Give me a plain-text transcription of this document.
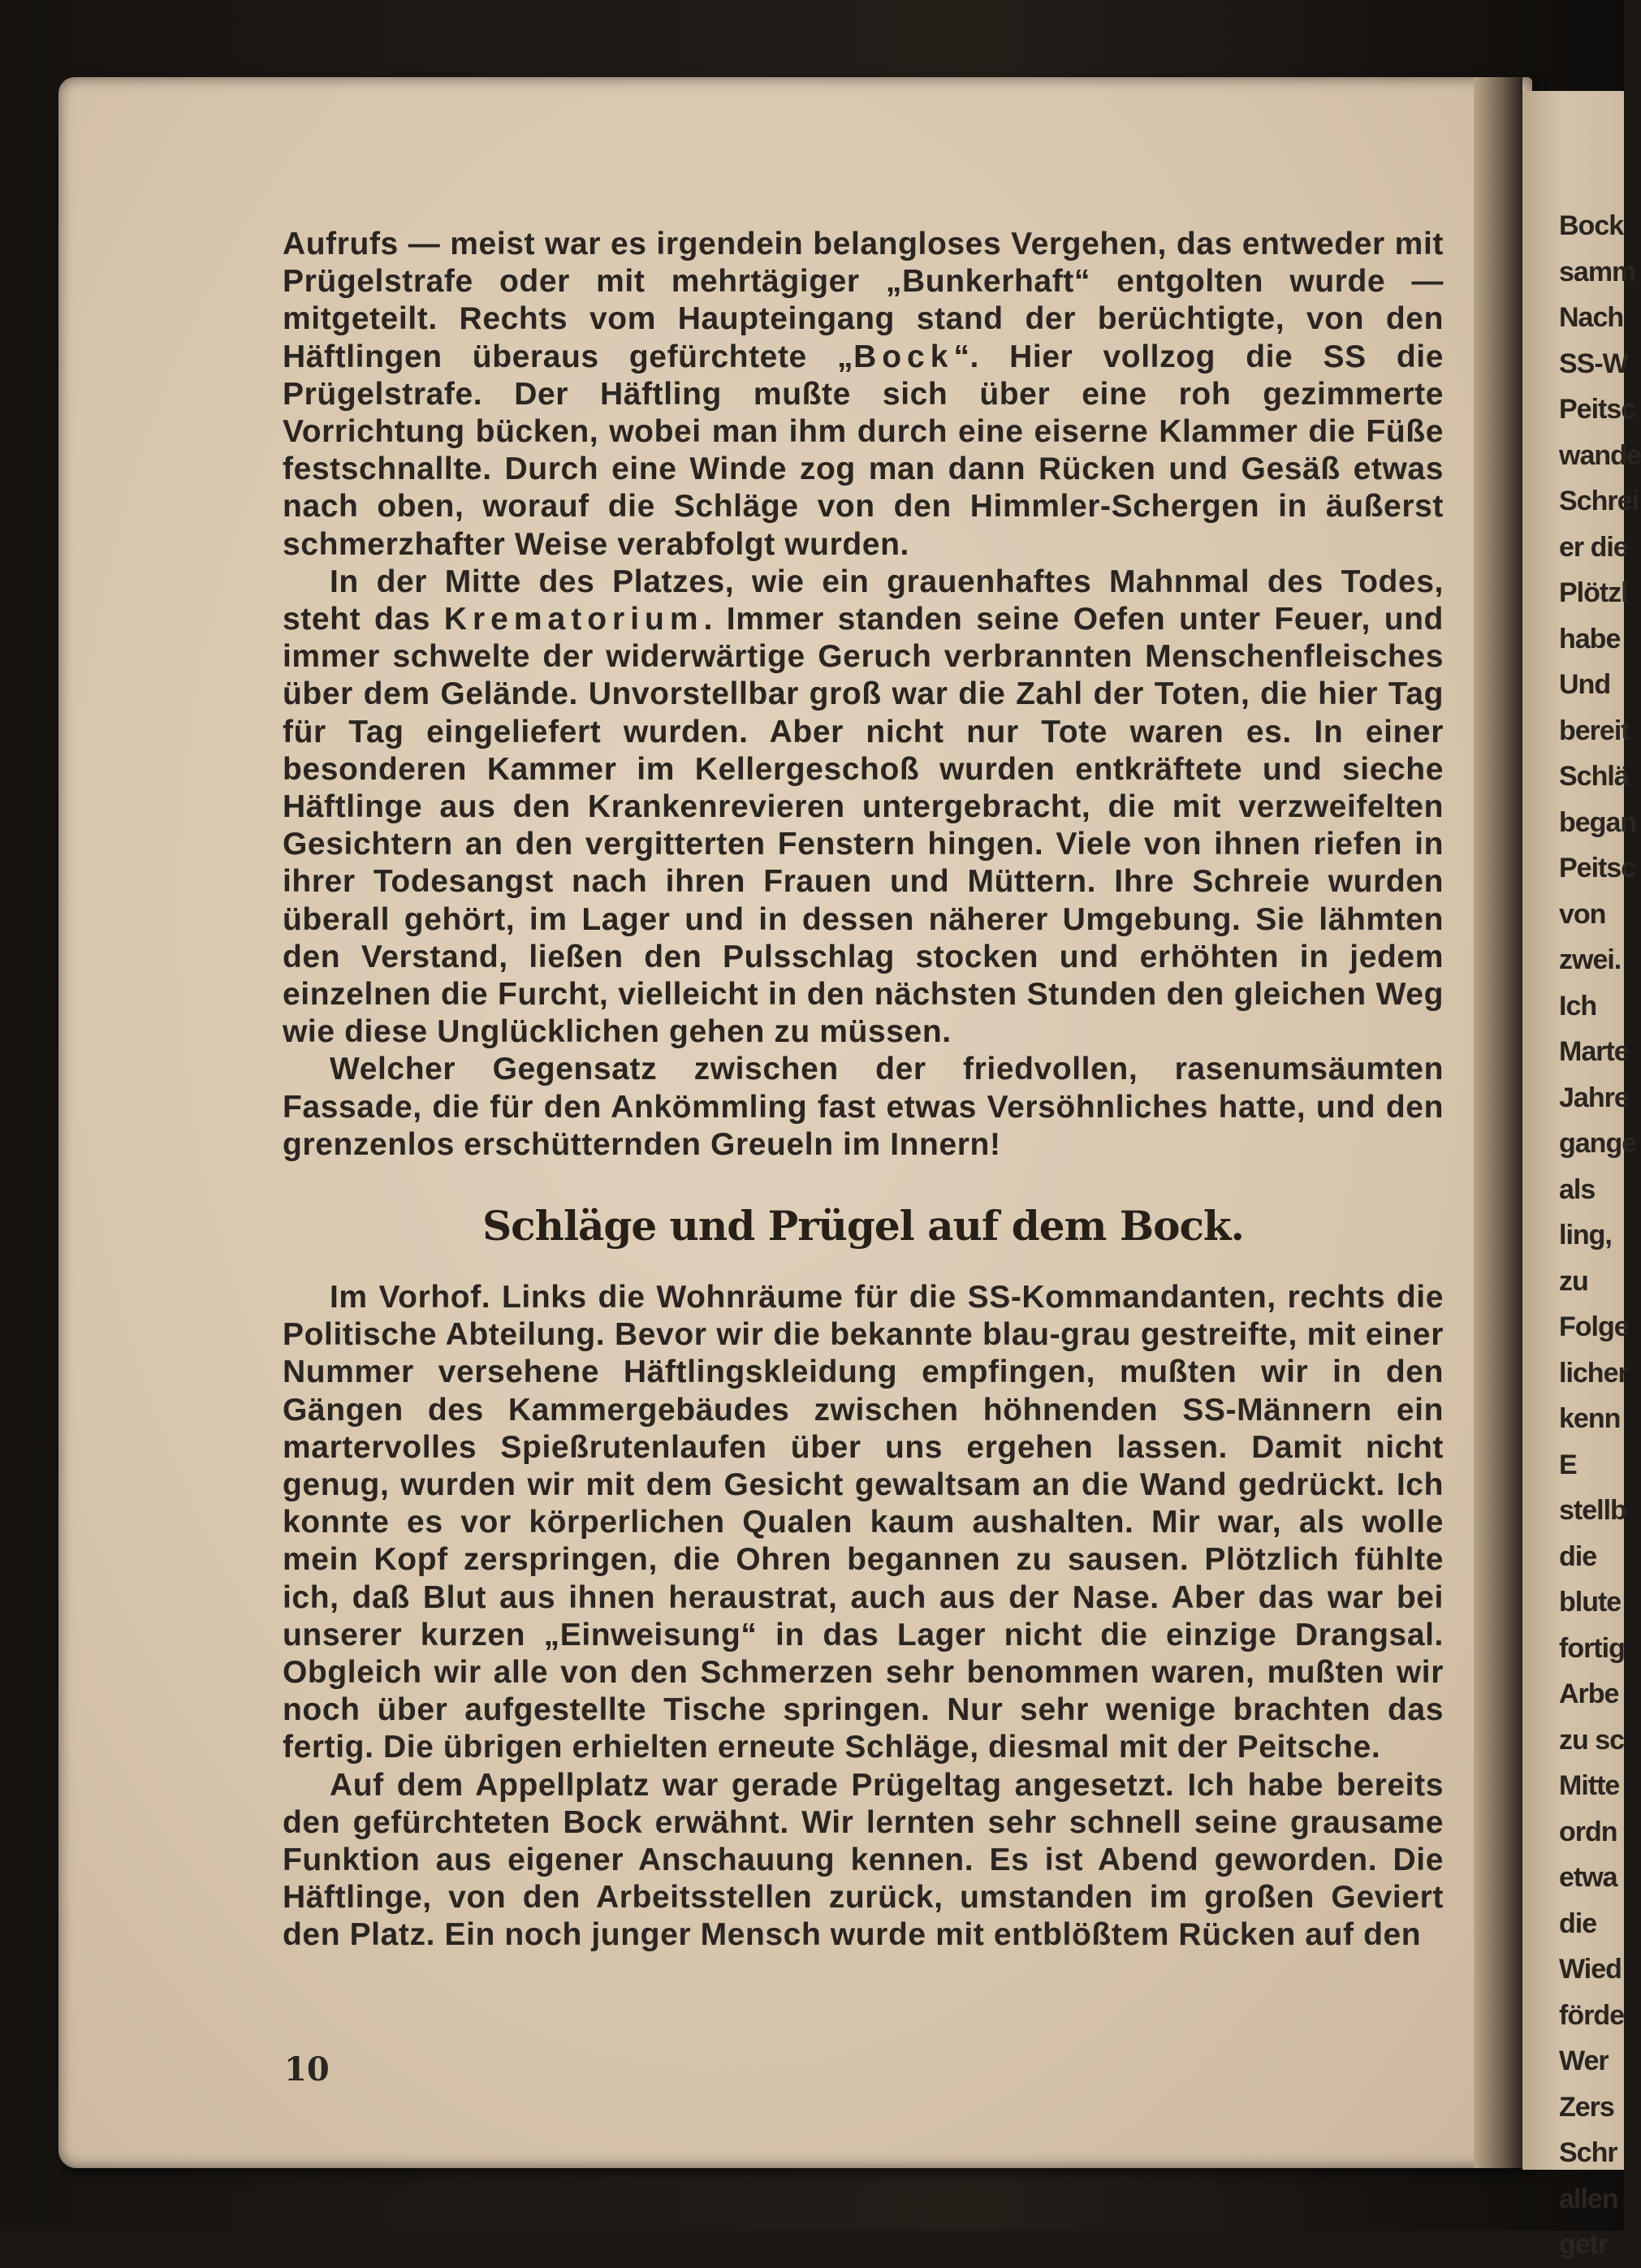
Bock
samm
Nach
SS-W
Peitsc
wande
Schrei
er die
Plötzl
habe
Und
bereit
Schlä
began
Peitsc
von
zwei.
Ich
Marte
Jahre
gange
als
ling,
zu
Folge
licher
kenn
E
stellb
die
blute
fortig
Arbe
zu sc
Mitte
ordn
etwa
die
Wied
förde
Wer
Zers
Schr
allen
getr

Aufrufs — meist war es irgendein belangloses Vergehen, das entweder mit Prügelstrafe oder mit mehrtägiger „Bunkerhaft“ entgolten wurde — mitgeteilt. Rechts vom Haupteingang stand der berüchtigte, von den Häftlingen überaus gefürchtete „Bock“. Hier vollzog die SS die Prügelstrafe. Der Häftling mußte sich über eine roh gezimmerte Vorrichtung bücken, wobei man ihm durch eine eiserne Klammer die Füße festschnallte. Durch eine Winde zog man dann Rücken und Gesäß etwas nach oben, worauf die Schläge von den Himmler-Schergen in äußerst schmerzhafter Weise verabfolgt wurden.

In der Mitte des Platzes, wie ein grauenhaftes Mahnmal des Todes, steht das Krematorium. Immer standen seine Oefen unter Feuer, und immer schwelte der widerwärtige Geruch verbrannten Menschenfleisches über dem Gelände. Unvorstellbar groß war die Zahl der Toten, die hier Tag für Tag eingeliefert wurden. Aber nicht nur Tote waren es. In einer besonderen Kammer im Kellergeschoß wurden entkräftete und sieche Häftlinge aus den Krankenrevieren untergebracht, die mit verzweifelten Gesichtern an den vergitterten Fenstern hingen. Viele von ihnen riefen in ihrer Todesangst nach ihren Frauen und Müttern. Ihre Schreie wurden überall gehört, im Lager und in dessen näherer Umgebung. Sie lähmten den Verstand, ließen den Pulsschlag stocken und erhöhten in jedem einzelnen die Furcht, vielleicht in den nächsten Stunden den gleichen Weg wie diese Unglücklichen gehen zu müssen.

Welcher Gegensatz zwischen der friedvollen, rasenumsäumten Fassade, die für den Ankömmling fast etwas Versöhnliches hatte, und den grenzenlos erschütternden Greueln im Innern!

Schläge und Prügel auf dem Bock.

Im Vorhof. Links die Wohnräume für die SS-Kommandanten, rechts die Politische Abteilung. Bevor wir die bekannte blau-grau gestreifte, mit einer Nummer versehene Häftlingskleidung empfingen, mußten wir in den Gängen des Kammergebäudes zwischen höhnenden SS-Männern ein martervolles Spießrutenlaufen über uns ergehen lassen. Damit nicht genug, wurden wir mit dem Gesicht gewaltsam an die Wand gedrückt. Ich konnte es vor körperlichen Qualen kaum aushalten. Mir war, als wolle mein Kopf zerspringen, die Ohren begannen zu sausen. Plötzlich fühlte ich, daß Blut aus ihnen heraustrat, auch aus der Nase. Aber das war bei unserer kurzen „Einweisung“ in das Lager nicht die einzige Drangsal. Obgleich wir alle von den Schmerzen sehr benommen waren, mußten wir noch über aufgestellte Tische springen. Nur sehr wenige brachten das fertig. Die übrigen erhielten erneute Schläge, diesmal mit der Peitsche.

Auf dem Appellplatz war gerade Prügeltag angesetzt. Ich habe bereits den gefürchteten Bock erwähnt. Wir lernten sehr schnell seine grausame Funktion aus eigener Anschauung kennen. Es ist Abend geworden. Die Häftlinge, von den Arbeitsstellen zurück, umstanden im großen Geviert den Platz. Ein noch junger Mensch wurde mit entblößtem Rücken auf den

10
